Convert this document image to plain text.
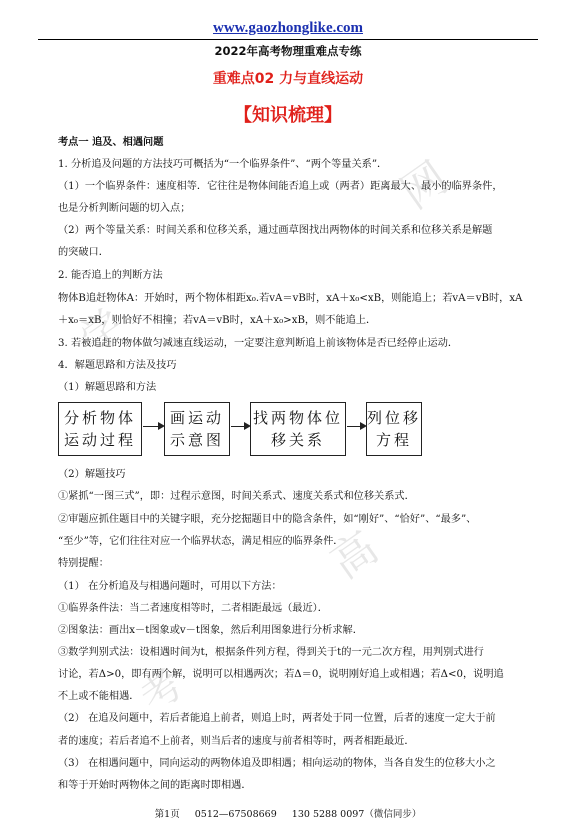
www.gaozhonglike.com
2022年高考物理重难点专练
重难点02 力与直线运动
【知识梳理】
考点一 追及、相遇问题
1. 分析追及问题的方法技巧可概括为“一个临界条件”、“两个等量关系”．
（1）一个临界条件：速度相等．它往往是物体间能否追上或（两者）距离最大、最小的临界条件，
也是分析判断问题的切入点；
（2）两个等量关系：时间关系和位移关系，通过画草图找出两物体的时间关系和位移关系是解题
的突破口．
2. 能否追上的判断方法
物体B追赶物体A：开始时，两个物体相距x₀.若vA＝vB时，xA＋x₀<xB，则能追上；若vA＝vB时，xA
＋x₀＝xB，则恰好不相撞；若vA＝vB时，xA＋x₀>xB，则不能追上．
3. 若被追赶的物体做匀减速直线运动，一定要注意判断追上前该物体是否已经停止运动．
4．解题思路和方法及技巧
（1）解题思路和方法
分析物体运动过程
画运动示意图
找两物体位移关系
列位移方程
（2）解题技巧
①紧抓“一图三式”，即：过程示意图，时间关系式、速度关系式和位移关系式．
②审题应抓住题目中的关键字眼，充分挖掘题目中的隐含条件，如“刚好”、“恰好”、“最多”、
“至少”等，它们往往对应一个临界状态，满足相应的临界条件．
特别提醒：
（1） 在分析追及与相遇问题时，可用以下方法：
①临界条件法：当二者速度相等时，二者相距最远（最近）．
②图象法：画出x－t图象或v－t图象，然后利用图象进行分析求解．
③数学判别式法：设相遇时间为t，根据条件列方程，得到关于t的一元二次方程，用判别式进行
讨论，若Δ>0，即有两个解，说明可以相遇两次；若Δ＝0，说明刚好追上或相遇；若Δ<0，说明追
不上或不能相遇．
（2） 在追及问题中，若后者能追上前者，则追上时，两者处于同一位置，后者的速度一定大于前
者的速度；若后者追不上前者，则当后者的速度与前者相等时，两者相距最近．
（3） 在相遇问题中，同向运动的两物体追及即相遇；相向运动的物体，当各自发生的位移大小之
和等于开始时两物体之间的距离时即相遇．
网
学
高
考
第1页 0512—67508669 130 5288 0097（微信同步）
